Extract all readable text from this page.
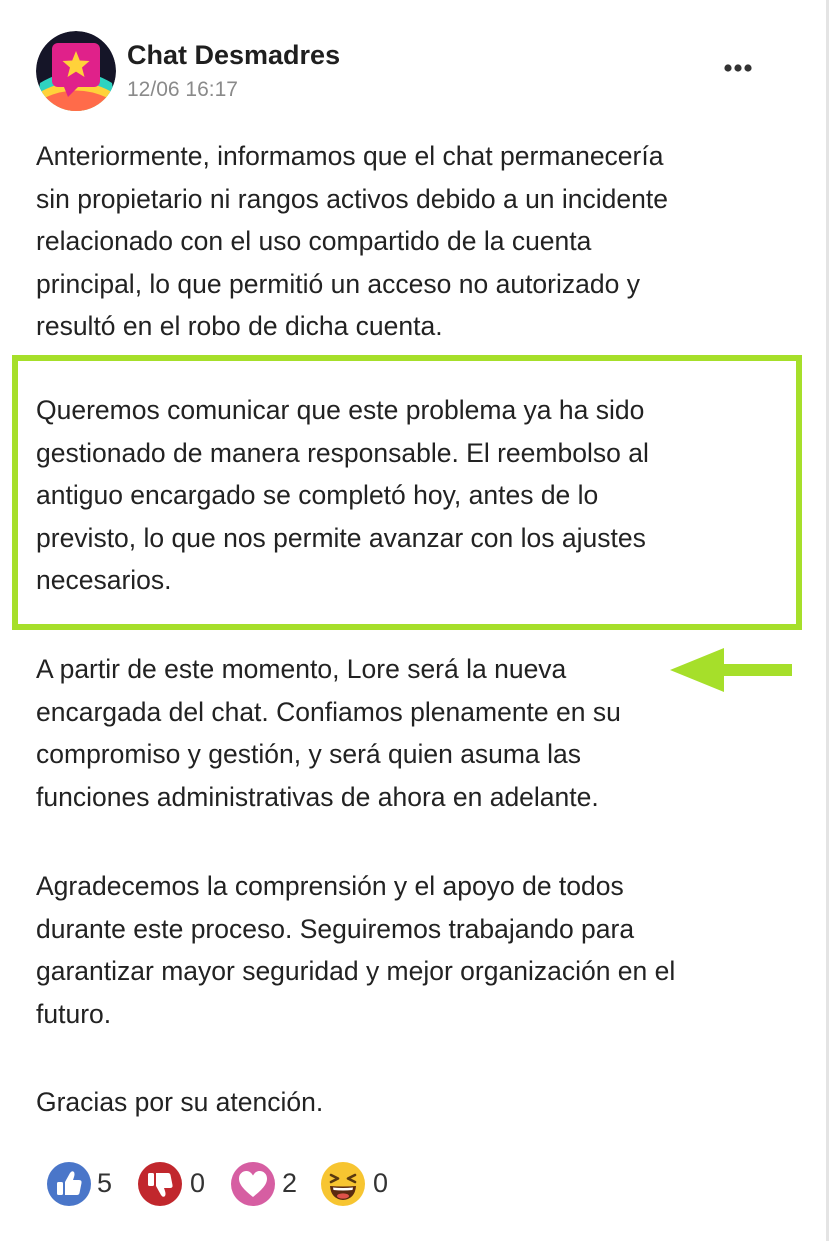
Chat Desmadres
12/06 16:17
Anteriormente, informamos que el chat permanecería
sin propietario ni rangos activos debido a un incidente
relacionado con el uso compartido de la cuenta
principal, lo que permitió un acceso no autorizado y
resultó en el robo de dicha cuenta.
Queremos comunicar que este problema ya ha sido
gestionado de manera responsable. El reembolso al
antiguo encargado se completó hoy, antes de lo
previsto, lo que nos permite avanzar con los ajustes
necesarios.
A partir de este momento, Lore será la nueva
encargada del chat. Confiamos plenamente en su
compromiso y gestión, y será quien asuma las
funciones administrativas de ahora en adelante.
Agradecemos la comprensión y el apoyo de todos
durante este proceso. Seguiremos trabajando para
garantizar mayor seguridad y mejor organización en el
futuro.
Gracias por su atención.
5	0	2	0
